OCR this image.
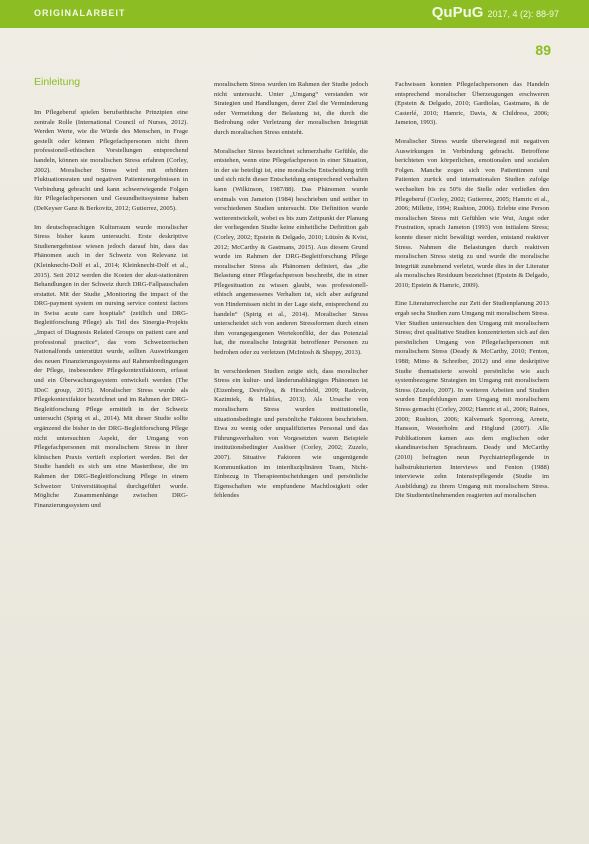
ORIGINALARBEIT	QuPuG 2017, 4 (2): 88-97
89
Einleitung

Im Pflegeberuf spielen berufsethische Prinzipien eine zentrale Rolle (International Council of Nurses, 2012). Werden Werte, wie die Würde des Menschen, in Frage gestellt oder können Pflegefachpersonen nicht ihren professionell-ethischen Vorstellungen entsprechend handeln, können sie moralischen Stress erfahren (Corley, 2002). Moralischer Stress wird mit erhöhten Fluktuationsraten und negativen Patientenergebnissen in Verbindung gebracht und kann schwerwiegende Folgen für Pflegefachpersonen und Gesundheitssysteme haben (DeKeyser Ganz & Berkovitz, 2012; Gutierrez, 2005).

Im deutschsprachigen Kulturraum wurde moralischer Stress bisher kaum untersucht. Erste deskriptive Studienergebnisse wiesen jedoch darauf hin, dass das Phänomen auch in der Schweiz von Relevanz ist (Kleinknecht-Dolf et al., 2014; Kleinknecht-Dolf et al., 2015). Seit 2012 werden die Kosten der akut-stationären Behandlungen in der Schweiz durch DRG-Fallpauschalen erstattet. Mit der Studie „Monitoring the impact of the DRG-payment system on nursing service context factors in Swiss acute care hospitals“ (zeitlich und DRG-Begleitforschung Pflege) als Teil des Sinergia-Projekts „Impact of Diagnosis Related Groups on patient care and professional practice“, das vom Schweizerischen Nationalfonds unterstützt wurde, sollten Auswirkungen des neuen Finanzierungssystems auf Rahmenbedingungen der Pflege, insbesondere Pflegekontextfaktoren, erfasst und ein Überwachungssystem entwickelt werden (The IDoC group, 2015). Moralischer Stress wurde als Pflegekontextfaktor bezeichnet und im Rahmen der DRG-Begleitforschung Pflege ermittelt in der Schweiz untersucht (Spirig et al., 2014). Mit dieser Studie sollte ergänzend die bisher in der DRG-Begleitforschung Pflege nicht untersuchten Aspekt, der Umgang von Pflegefachpersonen mit moralischem Stress in ihrer klinischen Praxis vertieft exploriert werden. Bei der Studie handelt es sich um eine Masterthese, die im Rahmen der DRG-Begleitforschung Pflege in einem Schweizer Universitätsspital durchgeführt wurde. Mögliche Zusammenhänge zwischen DRG-Finanzierungssystem und

moralischem Stress wurden im Rahmen der Studie jedoch nicht untersucht. Unter „Umgang“ verstanden wir Strategien und Handlungen, derer Ziel die Verminderung oder Vermeidung der Belastung ist, die durch die Bedrohung oder Verletzung der moralischen Integrität durch moralischen Stress entsteht.

Moralischer Stress bezeichnet schmerzhafte Gefühle, die entstehen, wenn eine Pflegefachperson in einer Situation, in der sie beteiligt ist, eine moralische Entscheidung trifft und sich nicht dieser Entscheidung entsprechend verhalten kann (Wilkinson, 1987/88). Das Phänomen wurde erstmals von Jameton (1984) beschrieben und seither in verschiedenen Studien untersucht. Die Definition wurde weiterentwickelt, wobei es bis zum Zeitpunkt der Planung der vorliegenden Studie keine einheitliche Definition gab (Corley, 2002; Epstein & Delgado, 2010; Lützén & Kvist, 2012; McCarthy & Gastmans, 2015). Aus diesem Grund wurde im Rahmen der DRG-Begleitforschung Pflege moralischer Stress als Phänomen definiert, das „die Belastung einer Pflegefachperson beschreibt, die in einer Pflegesituation zu wissen glaubt, was professionell-ethisch angemessenes Verhalten ist, sich aber aufgrund von Hindernissen nicht in der Lage sieht, entsprechend zu handeln“ (Spirig et al., 2014). Moralischer Stress unterscheidet sich von anderen Stressformen durch einen ihm vorangegangenen Wertekonflikt, der das Potenzial hat, die moralische Integrität betroffener Personen zu bedrohen oder zu verletzen (McIntosh & Sheppy, 2013).

In verschiedenen Studien zeigte sich, dass moralischer Stress ein kultur- und länderunabhängiges Phänomen ist (Eizenberg, Desivilya, & Hirschfeld, 2009; Radzvin, Kazimiek, & Halifax, 2013). Als Ursache von moralischem Stress wurden institutionelle, situationsbedingte und persönliche Faktoren beschrieben. Etwa zu wenig oder unqualifiziertes Personal und das Führungsverhalten von Vorgesetzten waren Beispiele institutionsbedingter Auslöser (Corley, 2002; Zuzelo, 2007). Situative Faktoren wie ungenügende Kommunikation im interdisziplinären Team, Nicht-Einbezug in Therapieentscheidungen und persönliche Eigenschaften wie empfundene Machtlosigkeit oder fehlendes

Fachwissen konnten Pflegefachpersonen das Handeln entsprechend moralischer Überzeugungen erschweren (Epstein & Delgado, 2010; Gardiolas, Gastmans, & de Casterlé, 2010; Hamric, Davis, & Childress, 2006; Jameton, 1993).

Moralischer Stress wurde überwiegend mit negativen Auswirkungen in Verbindung gebracht. Betroffene berichteten von körperlichen, emotionalen und sozialen Folgen. Manche zogen sich von Patientinnen und Patienten zurück und internationalen Studien zufolge wechselten bis zu 50% die Stelle oder verließen den Pflegeberuf (Corley, 2002; Gutierrez, 2005; Hamric et al., 2006; Millette, 1994; Rushton, 2006). Erlebte eine Person moralischen Stress mit Gefühlen wie Wut, Angst oder Frustration, sprach Jameton (1993) von initialem Stress; konnte dieser nicht bewältigt werden, entstand reaktiver Stress. Nahmen die Belastungen durch reaktiven moralischen Stress stetig zu und wurde die moralische Integrität zunehmend verletzt, wurde dies in der Literatur als moralisches Residuum bezeichnet (Epstein & Delgado, 2010; Epstein & Hamric, 2009).

Eine Literaturrecherche zur Zeit der Studienplanung 2013 ergab sechs Studien zum Umgang mit moralischem Stress. Vier Studien untersuchten den Umgang mit moralischem Stress; drei qualitative Studien konzentrierten sich auf den persönlichen Umgang von Pflegefachpersonen mit moralischem Stress (Deady & McCarthy, 2010; Fenton, 1988; Mimo & Schreiber, 2012) und eine deskriptive Studie thematisierte sowohl persönliche wie auch systembezogene Strategien im Umgang mit moralischem Stress (Zuzelo, 2007). In weiteren Arbeiten und Studien wurden Empfehlungen zum Umgang mit moralischem Stress gemacht (Corley, 2002; Hamric et al., 2006; Raines, 2000; Rushton, 2006; Kälvemark Sporrong, Arnetz, Hansson, Westerholm and Höglund (2007). Alle Publikationen kamen aus dem englischen oder skandinavischen Sprachraum. Deady und McCarthy (2010) befragten neun Psychiatriepflegende in halbstrukturierten Interviews und Fenton (1988) interviewte zehn Intensivpflegende (Studie im Ausbildung) zu ihrem Umgang mit moralischem Stress. Die Studienteilnehmenden reagierten auf moralischen
